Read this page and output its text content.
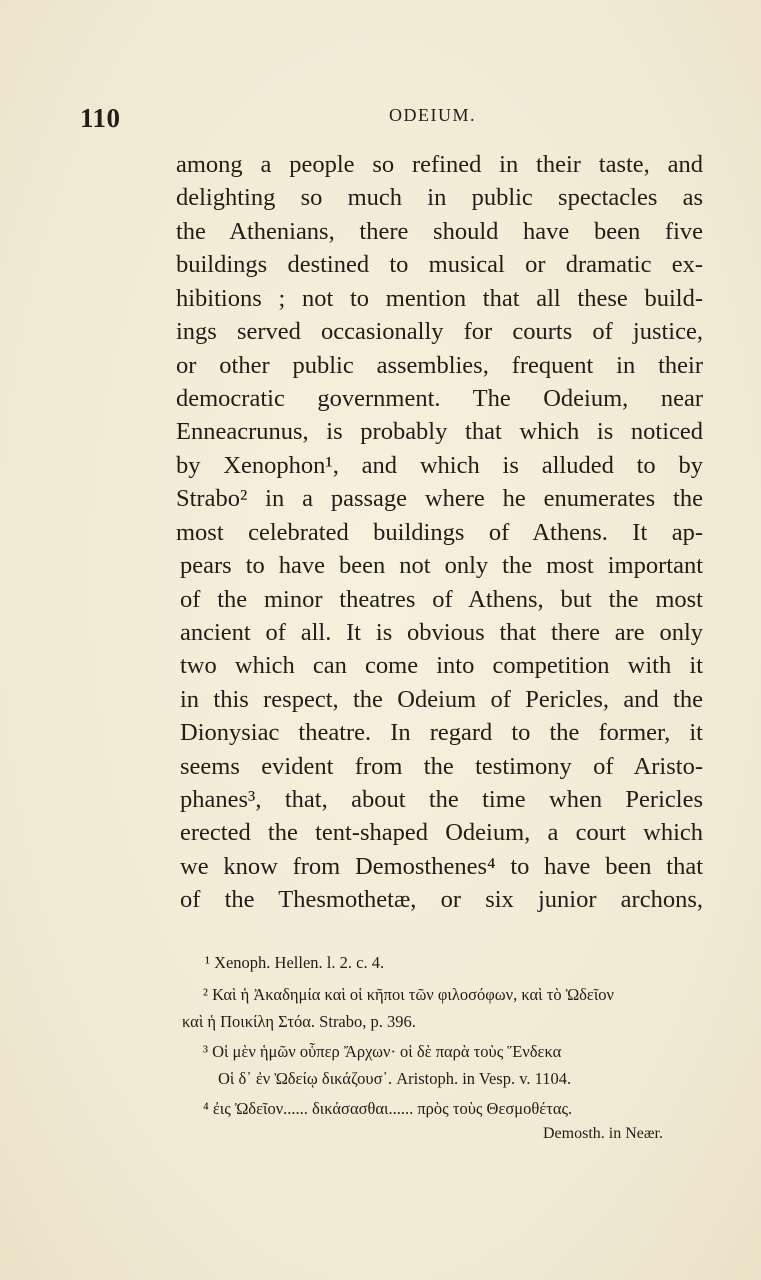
110	ODEIUM.
among a people so refined in their taste, and
delighting so much in public spectacles as
the Athenians, there should have been five
buildings destined to musical or dramatic ex-
hibitions ; not to mention that all these build-
ings served occasionally for courts of justice,
or other public assemblies, frequent in their
democratic government. The Odeium, near
Enneacrunus, is probably that which is noticed
by Xenophon¹, and which is alluded to by
Strabo² in a passage where he enumerates the
most celebrated buildings of Athens. It ap-
pears to have been not only the most important
of the minor theatres of Athens, but the most
ancient of all. It is obvious that there are only
two which can come into competition with it
in this respect, the Odeium of Pericles, and the
Dionysiac theatre. In regard to the former, it
seems evident from the testimony of Aristo-
phanes³, that, about the time when Pericles
erected the tent-shaped Odeium, a court which
we know from Demosthenes⁴ to have been that
of the Thesmothetæ, or six junior archons,
¹ Xenoph. Hellen. l. 2. c. 4.
² Καὶ ἡ Ἀκαδημία καὶ οἱ κῆποι τῶν φιλοσόφων, καὶ τὸ Ὠδεῖον
καὶ ἡ Ποικίλη Στόα. Strabo, p. 396.
³ Οἱ μὲν ἡμῶν οὗπερ Ἄρχων· οἱ δὲ παρὰ τοὺς Ἕνδεκα
Οἱ δ᾽ ἐν Ὠδείῳ δικάζουσ᾽. Aristoph. in Vesp. v. 1104.
⁴ ἐις Ὠδεῖον...... δικάσασθαι...... πρὸς τοὺς Θεσμοθέτας.
Demosth. in Neær.
